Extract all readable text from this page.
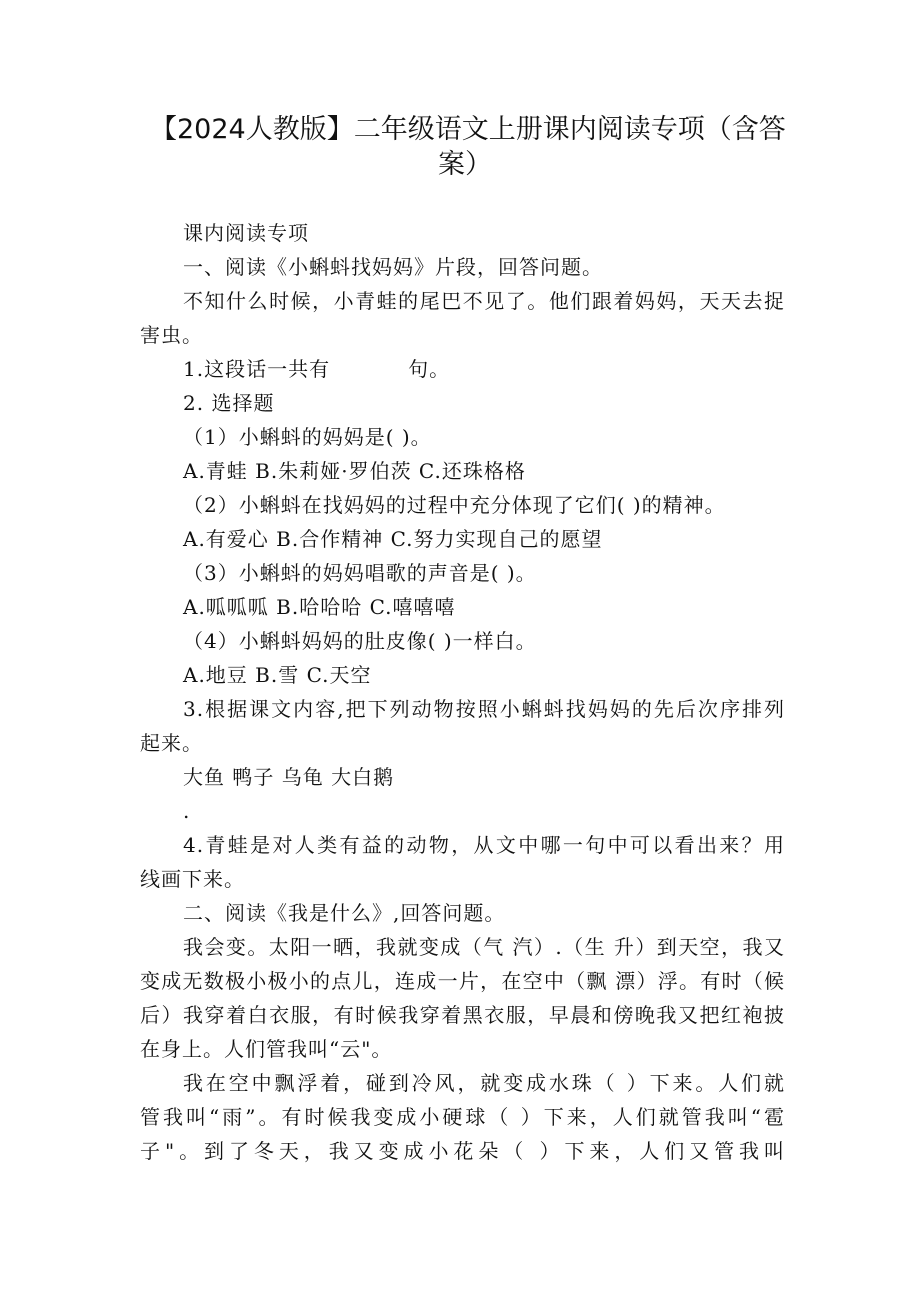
【2024人教版】二年级语文上册课内阅读专项（含答
案）
课内阅读专项
一、阅读《小蝌蚪找妈妈》片段，回答问题。
不知什么时候，小青蛙的尾巴不见了。他们跟着妈妈，天天去捉
害虫。
1.这段话一共有	句。
2. 选择题
（1）小蝌蚪的妈妈是( )。
A.青蛙 B.朱莉娅·罗伯茨 C.还珠格格
（2）小蝌蚪在找妈妈的过程中充分体现了它们( )的精神。
A.有爱心 B.合作精神 C.努力实现自己的愿望
（3）小蝌蚪的妈妈唱歌的声音是( )。
A.呱呱呱 B.哈哈哈 C.嘻嘻嘻
（4）小蝌蚪妈妈的肚皮像( )一样白。
A.地豆 B.雪 C.天空
3.根据课文内容,把下列动物按照小蝌蚪找妈妈的先后次序排列
起来。
大鱼 鸭子 乌龟 大白鹅
.
4.青蛙是对人类有益的动物，从文中哪一句中可以看出来？用
线画下来。
二、阅读《我是什么》,回答问题。
我会变。太阳一晒，我就变成（气 汽）.（生 升）到天空，我又
变成无数极小极小的点儿，连成一片，在空中（飘 漂）浮。有时（候
后）我穿着白衣服，有时候我穿着黑衣服，早晨和傍晚我又把红袍披
在身上。人们管我叫“云"。
我在空中飘浮着，碰到冷风，就变成水珠（ ）下来。人们就
管我叫“雨”。有时候我变成小硬球（ ）下来，人们就管我叫“雹
子"。到了冬天，我又变成小花朵（ ）下来，人们又管我叫
